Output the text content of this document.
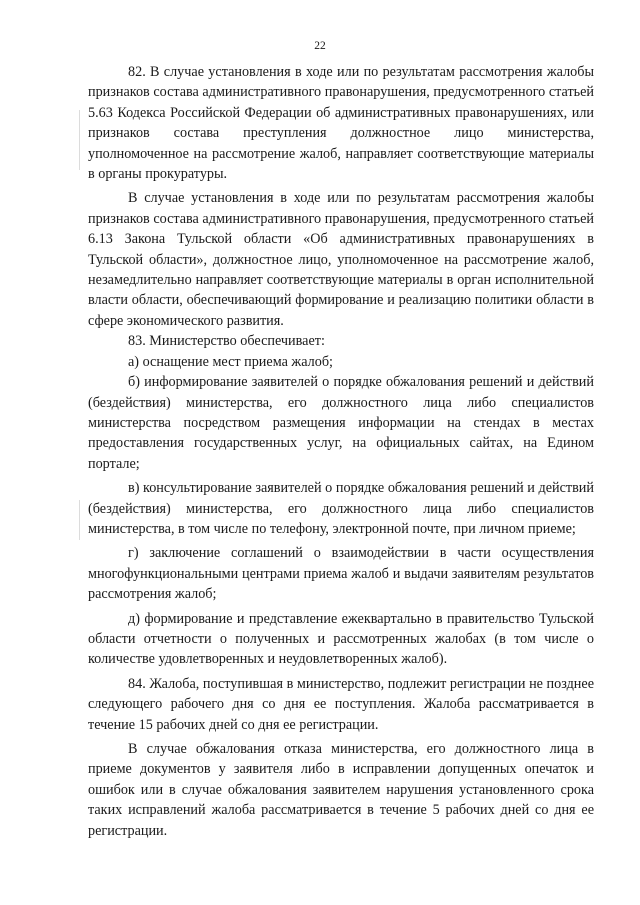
22

82. В случае установления в ходе или по результатам рассмотрения жалобы признаков состава административного правонарушения, предусмотренного статьей 5.63 Кодекса Российской Федерации об административных правонарушениях, или признаков состава преступления должностное лицо министерства, уполномоченное на рассмотрение жалоб, направляет соответствующие материалы в органы прокуратуры.

В случае установления в ходе или по результатам рассмотрения жалобы признаков состава административного правонарушения, предусмотренного статьей 6.13 Закона Тульской области «Об административных правонарушениях в Тульской области», должностное лицо, уполномоченное на рассмотрение жалоб, незамедлительно направляет соответствующие материалы в орган исполнительной власти области, обеспечивающий формирование и реализацию политики области в сфере экономического развития.

83. Министерство обеспечивает:

а) оснащение мест приема жалоб;

б) информирование заявителей о порядке обжалования решений и действий (бездействия) министерства, его должностного лица либо специалистов министерства посредством размещения информации на стендах в местах предоставления государственных услуг, на официальных сайтах, на Едином портале;

в) консультирование заявителей о порядке обжалования решений и действий (бездействия) министерства, его должностного лица либо специалистов министерства, в том числе по телефону, электронной почте, при личном приеме;

г) заключение соглашений о взаимодействии в части осуществления многофункциональными центрами приема жалоб и выдачи заявителям результатов рассмотрения жалоб;

д) формирование и представление ежеквартально в правительство Тульской области отчетности о полученных и рассмотренных жалобах (в том числе о количестве удовлетворенных и неудовлетворенных жалоб).

84. Жалоба, поступившая в министерство, подлежит регистрации не позднее следующего рабочего дня со дня ее поступления. Жалоба рассматривается в течение 15 рабочих дней со дня ее регистрации.

В случае обжалования отказа министерства, его должностного лица в приеме документов у заявителя либо в исправлении допущенных опечаток и ошибок или в случае обжалования заявителем нарушения установленного срока таких исправлений жалоба рассматривается в течение 5 рабочих дней со дня ее регистрации.
